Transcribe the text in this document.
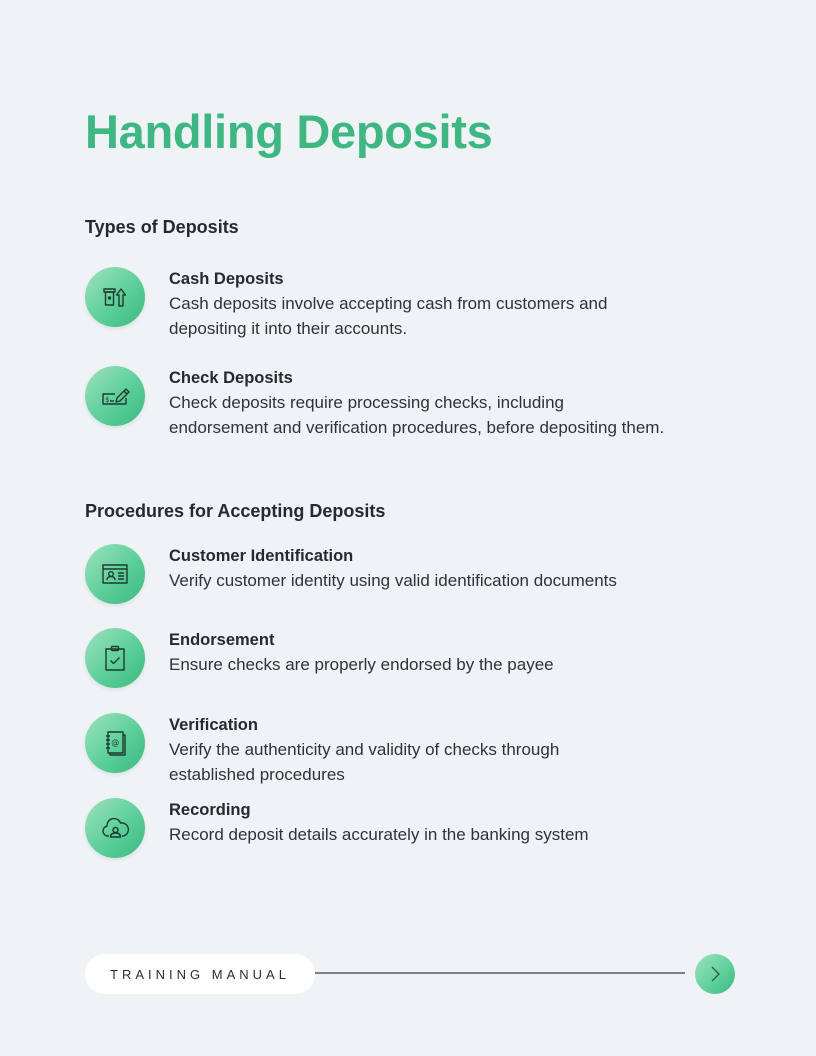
Handling Deposits
Types of Deposits
Cash Deposits
Cash deposits involve accepting cash from customers and
depositing it into their accounts.
$
Check Deposits
Check deposits require processing checks, including
endorsement and verification procedures, before depositing them.
Procedures for Accepting Deposits
Customer Identification
Verify customer identity using valid identification documents
Endorsement
Ensure checks are properly endorsed by the payee
@
Verification
Verify the authenticity and validity of checks through
established procedures
Recording
Record deposit details accurately in the banking system
TRAINING MANUAL
